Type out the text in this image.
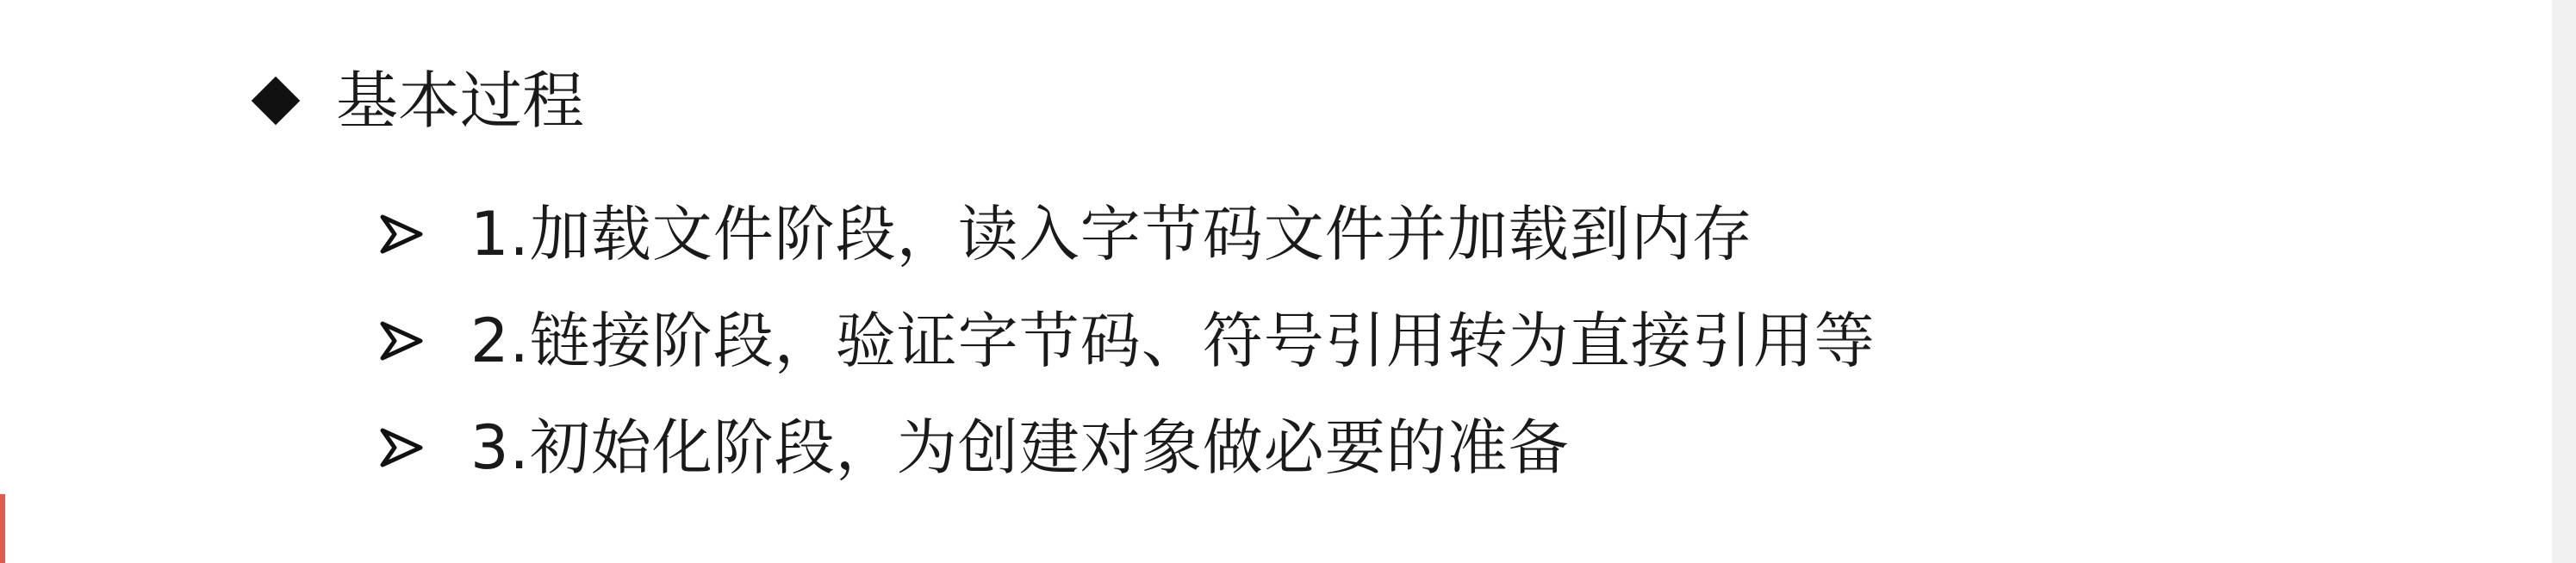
基本过程
1.加载文件阶段，读入字节码文件并加载到内存
2.链接阶段，验证字节码、符号引用转为直接引用等
3.初始化阶段，为创建对象做必要的准备
